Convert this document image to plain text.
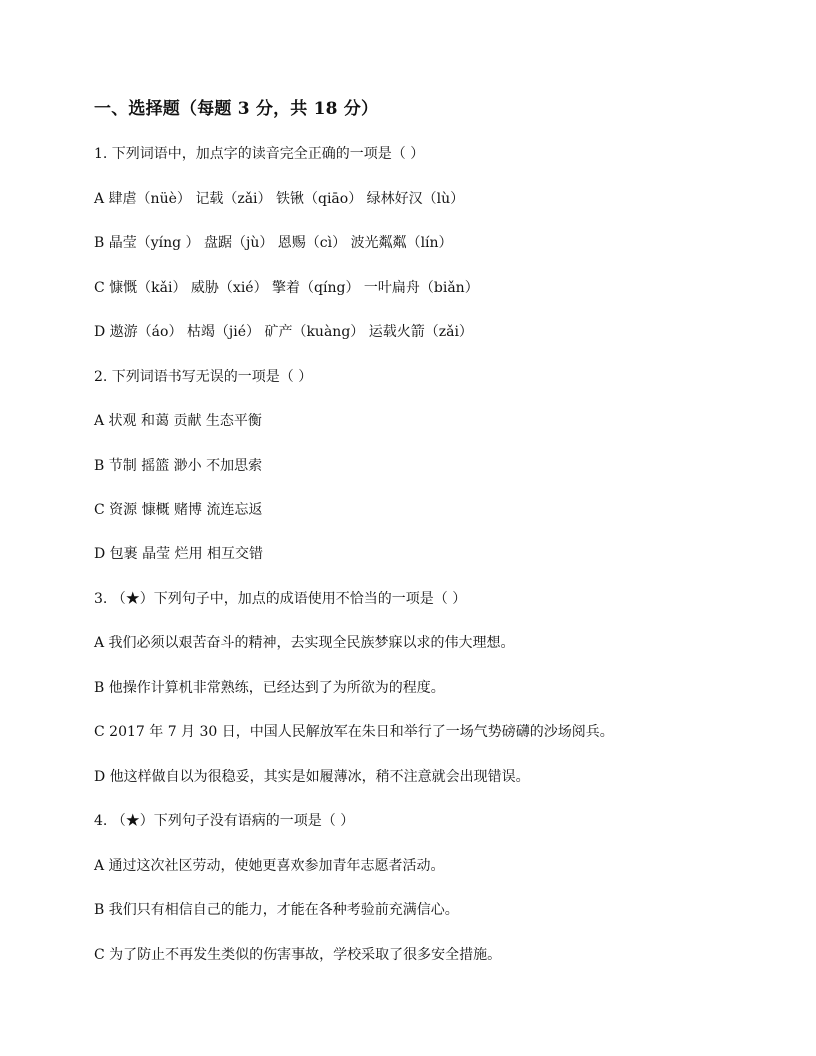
一、选择题（每题 3 分，共 18 分）
1. 下列词语中，加点字的读音完全正确的一项是（ ）
A 肆虐（nüè） 记载（zǎi） 铁锹（qiāo） 绿林好汉（lù）
B 晶莹（yíng ） 盘踞（jù） 恩赐（cì） 波光粼粼（lín）
C 慷慨（kǎi） 威胁（xié） 擎着（qíng） 一叶扁舟（biǎn）
D 遨游（áo） 枯竭（jié） 矿产（kuàng） 运载火箭（zǎi）
2. 下列词语书写无误的一项是（ ）
A 状观 和蔼 贡献 生态平衡
B 节制 摇篮 渺小 不加思索
C 资源 慷概 赌博 流连忘返
D 包裹 晶莹 烂用 相互交错
3. （★）下列句子中，加点的成语使用不恰当的一项是（ ）
A 我们必须以艰苦奋斗的精神，去实现全民族梦寐以求的伟大理想。
B 他操作计算机非常熟练，已经达到了为所欲为的程度。
C 2017 年 7 月 30 日，中国人民解放军在朱日和举行了一场气势磅礴的沙场阅兵。
D 他这样做自以为很稳妥，其实是如履薄冰，稍不注意就会出现错误。
4. （★）下列句子没有语病的一项是（ ）
A 通过这次社区劳动，使她更喜欢参加青年志愿者活动。
B 我们只有相信自己的能力，才能在各种考验前充满信心。
C 为了防止不再发生类似的伤害事故，学校采取了很多安全措施。
